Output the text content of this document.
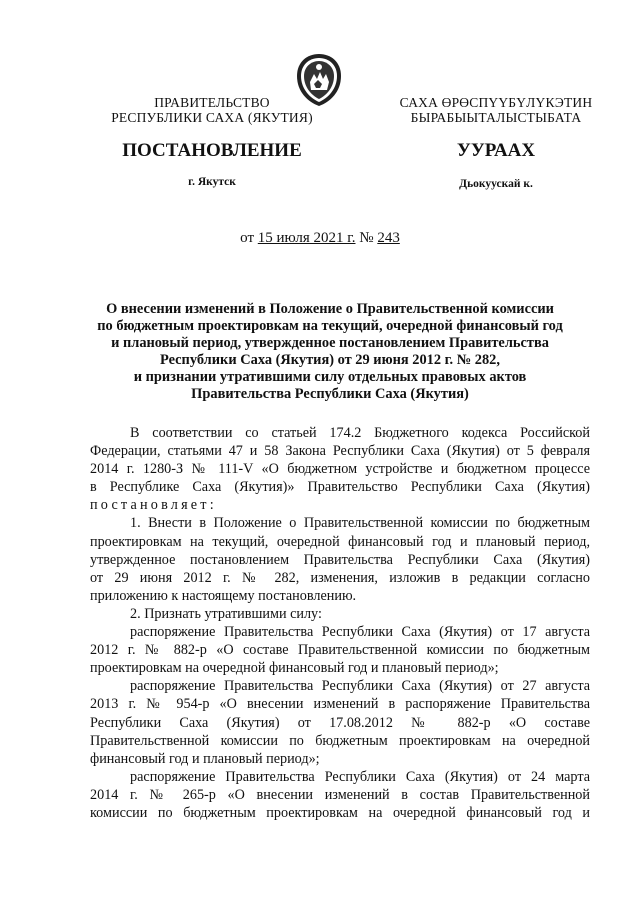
ПРАВИТЕЛЬСТВО
РЕСПУБЛИКИ САХА (ЯКУТИЯ)
САХА ӨРӨСПҮҮБҮЛҮКЭТИН
БЫРАБЫЫТАЛЫСТЫБАТА
ПОСТАНОВЛЕНИЕ	УУРААХ
г. Якутск	Дьокуускай к.
от 15 июля 2021 г. № 243
О внесении изменений в Положение о Правительственной комиссии
по бюджетным проектировкам на текущий, очередной финансовый год
и плановый период, утвержденное постановлением Правительства
Республики Саха (Якутия) от 29 июня 2012 г. № 282,
и признании утратившими силу отдельных правовых актов
Правительства Республики Саха (Якутия)

В соответствии со статьей 174.2 Бюджетного кодекса Российской

Федерации, статьями 47 и 58 Закона Республики Саха (Якутия) от 5 февраля

2014 г. 1280-З № 111-V «О бюджетном устройстве и бюджетном процессе

в Республике Саха (Якутия)» Правительство Республики Саха (Якутия)

постановляет:

1. Внести в Положение о Правительственной комиссии по бюджетным

проектировкам на текущий, очередной финансовый год и плановый период,

утвержденное постановлением Правительства Республики Саха (Якутия)

от 29 июня 2012 г. № 282, изменения, изложив в редакции согласно

приложению к настоящему постановлению.

2. Признать утратившими силу:

распоряжение Правительства Республики Саха (Якутия) от 17 августа

2012 г. № 882-р «О составе Правительственной комиссии по бюджетным

проектировкам на очередной финансовый год и плановый период»;

распоряжение Правительства Республики Саха (Якутия) от 27 августа

2013 г. № 954-р «О внесении изменений в распоряжение Правительства

Республики Саха (Якутия) от 17.08.2012 № 882-р «О составе

Правительственной комиссии по бюджетным проектировкам на очередной

финансовый год и плановый период»;

распоряжение Правительства Республики Саха (Якутия) от 24 марта

2014 г. № 265-р «О внесении изменений в состав Правительственной

комиссии по бюджетным проектировкам на очередной финансовый год и
